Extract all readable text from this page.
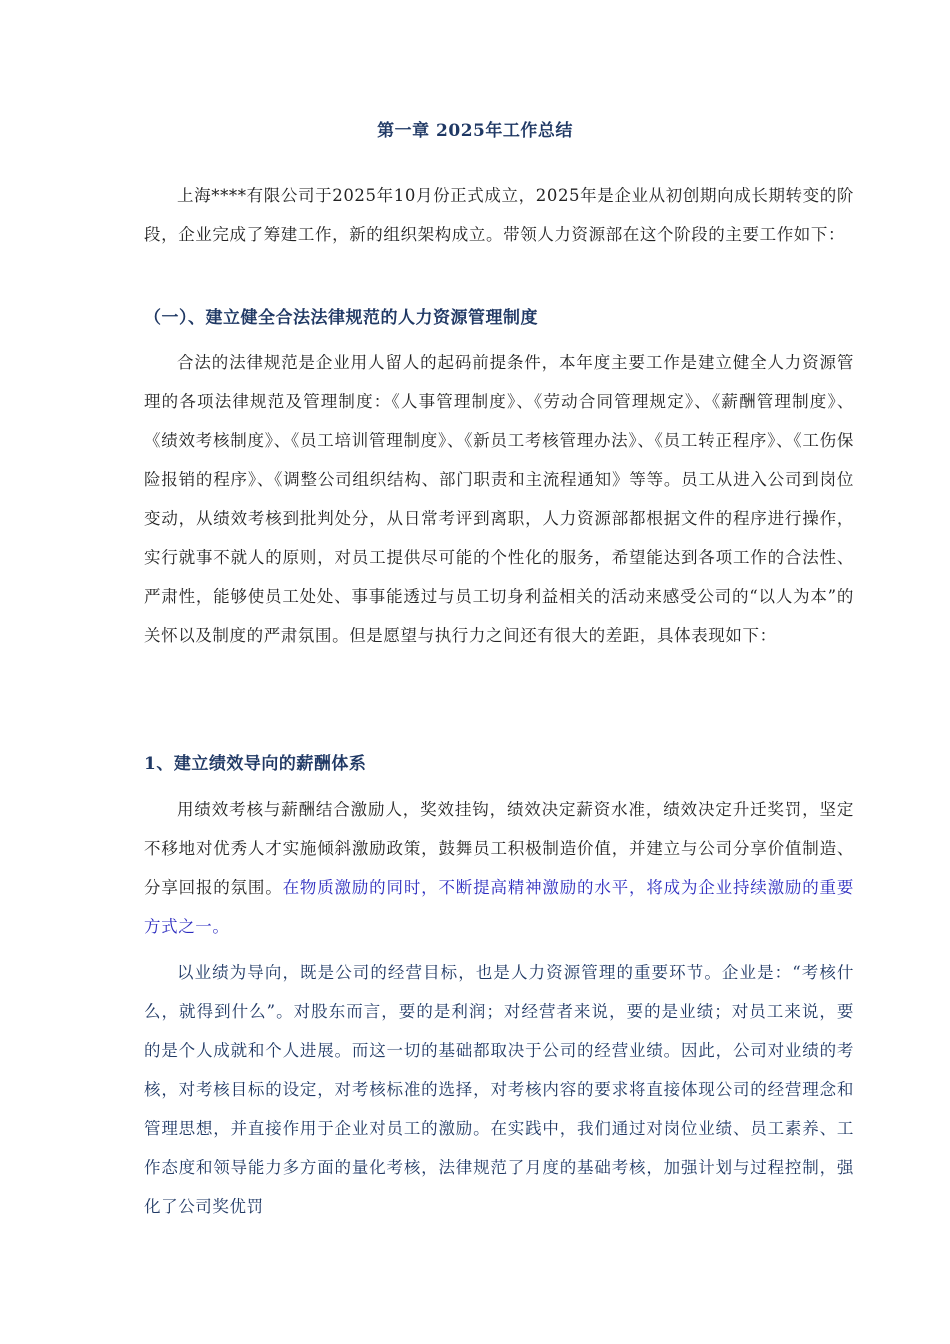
第一章 2025年工作总结
上海****有限公司于2025年10月份正式成立，2025年是企业从初创期向成长期转变的阶段，企业完成了筹建工作，新的组织架构成立。带领人力资源部在这个阶段的主要工作如下：
（一）、建立健全合法法律规范的人力资源管理制度
合法的法律规范是企业用人留人的起码前提条件，本年度主要工作是建立健全人力资源管理的各项法律规范及管理制度：《人事管理制度》、《劳动合同管理规定》、《薪酬管理制度》、《绩效考核制度》、《员工培训管理制度》、《新员工考核管理办法》、《员工转正程序》、《工伤保险报销的程序》、《调整公司组织结构、部门职责和主流程通知》等等。员工从进入公司到岗位变动，从绩效考核到批判处分，从日常考评到离职，人力资源部都根据文件的程序进行操作，实行就事不就人的原则，对员工提供尽可能的个性化的服务，希望能达到各项工作的合法性、严肃性，能够使员工处处、事事能透过与员工切身利益相关的活动来感受公司的“以人为本”的关怀以及制度的严肃氛围。但是愿望与执行力之间还有很大的差距，具体表现如下：
1、建立绩效导向的薪酬体系
用绩效考核与薪酬结合激励人，奖效挂钩，绩效决定薪资水准，绩效决定升迁奖罚，坚定不移地对优秀人才实施倾斜激励政策，鼓舞员工积极制造价值，并建立与公司分享价值制造、分享回报的氛围。在物质激励的同时，不断提高精神激励的水平，将成为企业持续激励的重要方式之一。
以业绩为导向，既是公司的经营目标，也是人力资源管理的重要环节。企业是：“考核什么，就得到什么”。对股东而言，要的是利润；对经营者来说，要的是业绩；对员工来说，要的是个人成就和个人进展。而这一切的基础都取决于公司的经营业绩。因此，公司对业绩的考核，对考核目标的设定，对考核标准的选择，对考核内容的要求将直接体现公司的经营理念和管理思想，并直接作用于企业对员工的激励。在实践中，我们通过对岗位业绩、员工素养、工作态度和领导能力多方面的量化考核，法律规范了月度的基础考核，加强计划与过程控制，强化了公司奖优罚
